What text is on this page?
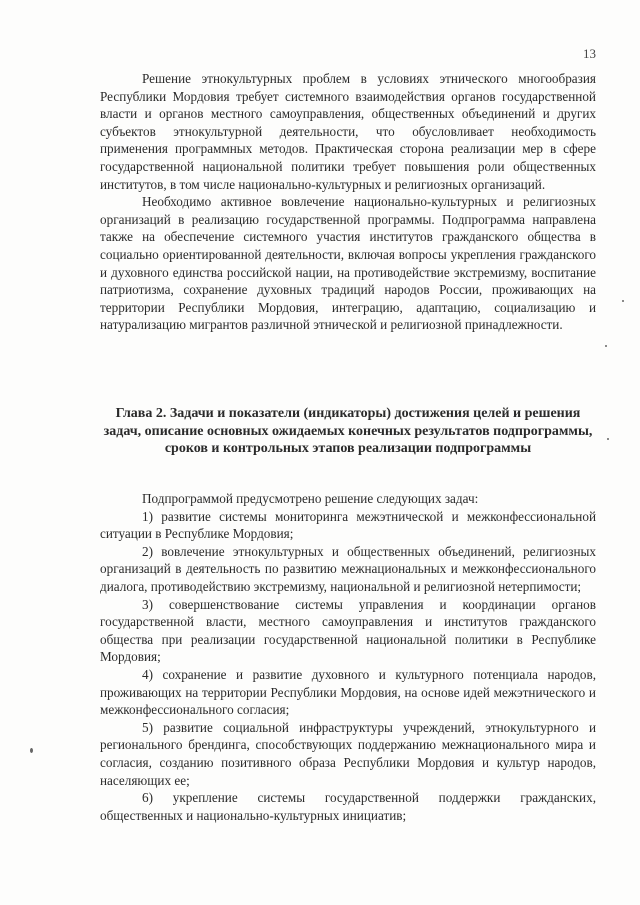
13

Решение этнокультурных проблем в условиях этнического многообразия Республики Мордовия требует системного взаимодействия органов государственной власти и органов местного самоуправления, общественных объединений и других субъектов этнокультурной деятельности, что обусловливает необходимость применения программных методов. Практическая сторона реализации мер в сфере государственной национальной политики требует повышения роли общественных институтов, в том числе национально-культурных и религиозных организаций.

Необходимо активное вовлечение национально-культурных и религиозных организаций в реализацию государственной программы. Подпрограмма направлена также на обеспечение системного участия институтов гражданского общества в социально ориентированной деятельности, включая вопросы укрепления гражданского и духовного единства российской нации, на противодействие экстремизму, воспитание патриотизма, сохранение духовных традиций народов России, проживающих на территории Республики Мордовия, интеграцию, адаптацию, социализацию и натурализацию мигрантов различной этнической и религиозной принадлежности.

Глава 2. Задачи и показатели (индикаторы) достижения целей и решения задач, описание основных ожидаемых конечных результатов подпрограммы, сроков и контрольных этапов реализации подпрограммы

Подпрограммой предусмотрено решение следующих задач:

1) развитие системы мониторинга межэтнической и межконфессиональной ситуации в Республике Мордовия;

2) вовлечение этнокультурных и общественных объединений, религиозных организаций в деятельность по развитию межнациональных и межконфессионального диалога, противодействию экстремизму, национальной и религиозной нетерпимости;

3) совершенствование системы управления и координации органов государственной власти, местного самоуправления и институтов гражданского общества при реализации государственной национальной политики в Республике Мордовия;

4) сохранение и развитие духовного и культурного потенциала народов, проживающих на территории Республики Мордовия, на основе идей межэтнического и межконфессионального согласия;

5) развитие социальной инфраструктуры учреждений, этнокультурного и регионального брендинга, способствующих поддержанию межнационального мира и согласия, созданию позитивного образа Республики Мордовия и культур народов, населяющих ее;

6) укрепление системы государственной поддержки гражданских, общественных и национально-культурных инициатив;
